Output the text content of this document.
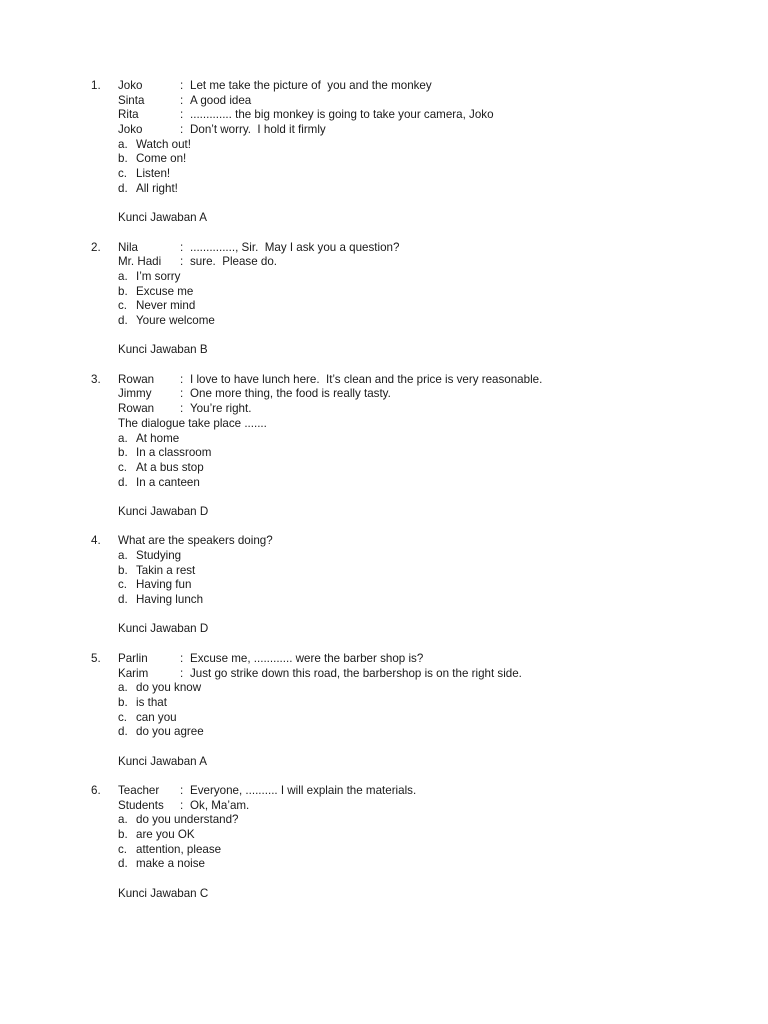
1. Joko	: Let me take the picture of  you and the monkey
Sinta	: A good idea
Rita	: ............. the big monkey is going to take your camera, Joko
Joko	: Don’t worry.  I hold it firmly
a. Watch out!
b. Come on!
c. Listen!
d. All right!
Kunci Jawaban A
2. Nila	: .............., Sir.  May I ask you a question?
Mr. Hadi : sure.  Please do.
a. I’m sorry
b. Excuse me
c. Never mind
d. Youre welcome
Kunci Jawaban B
3. Rowan : I love to have lunch here.  It’s clean and the price is very reasonable.
Jimmy : One more thing, the food is really tasty.
Rowan : You’re right.
The dialogue take place .......
a. At home
b. In a classroom
c. At a bus stop
d. In a canteen
Kunci Jawaban D
4. What are the speakers doing?
a. Studying
b. Takin a rest
c. Having fun
d. Having lunch
Kunci Jawaban D
5. Parlin	: Excuse me, ............ were the barber shop is?
Karim	: Just go strike down this road, the barbershop is on the right side.
a. do you know
b. is that
c. can you
d. do you agree
Kunci Jawaban A
6. Teacher : Everyone, .......... I will explain the materials.
Students : Ok, Ma’am.
a. do you understand?
b. are you OK
c. attention, please
d. make a noise
Kunci Jawaban C
